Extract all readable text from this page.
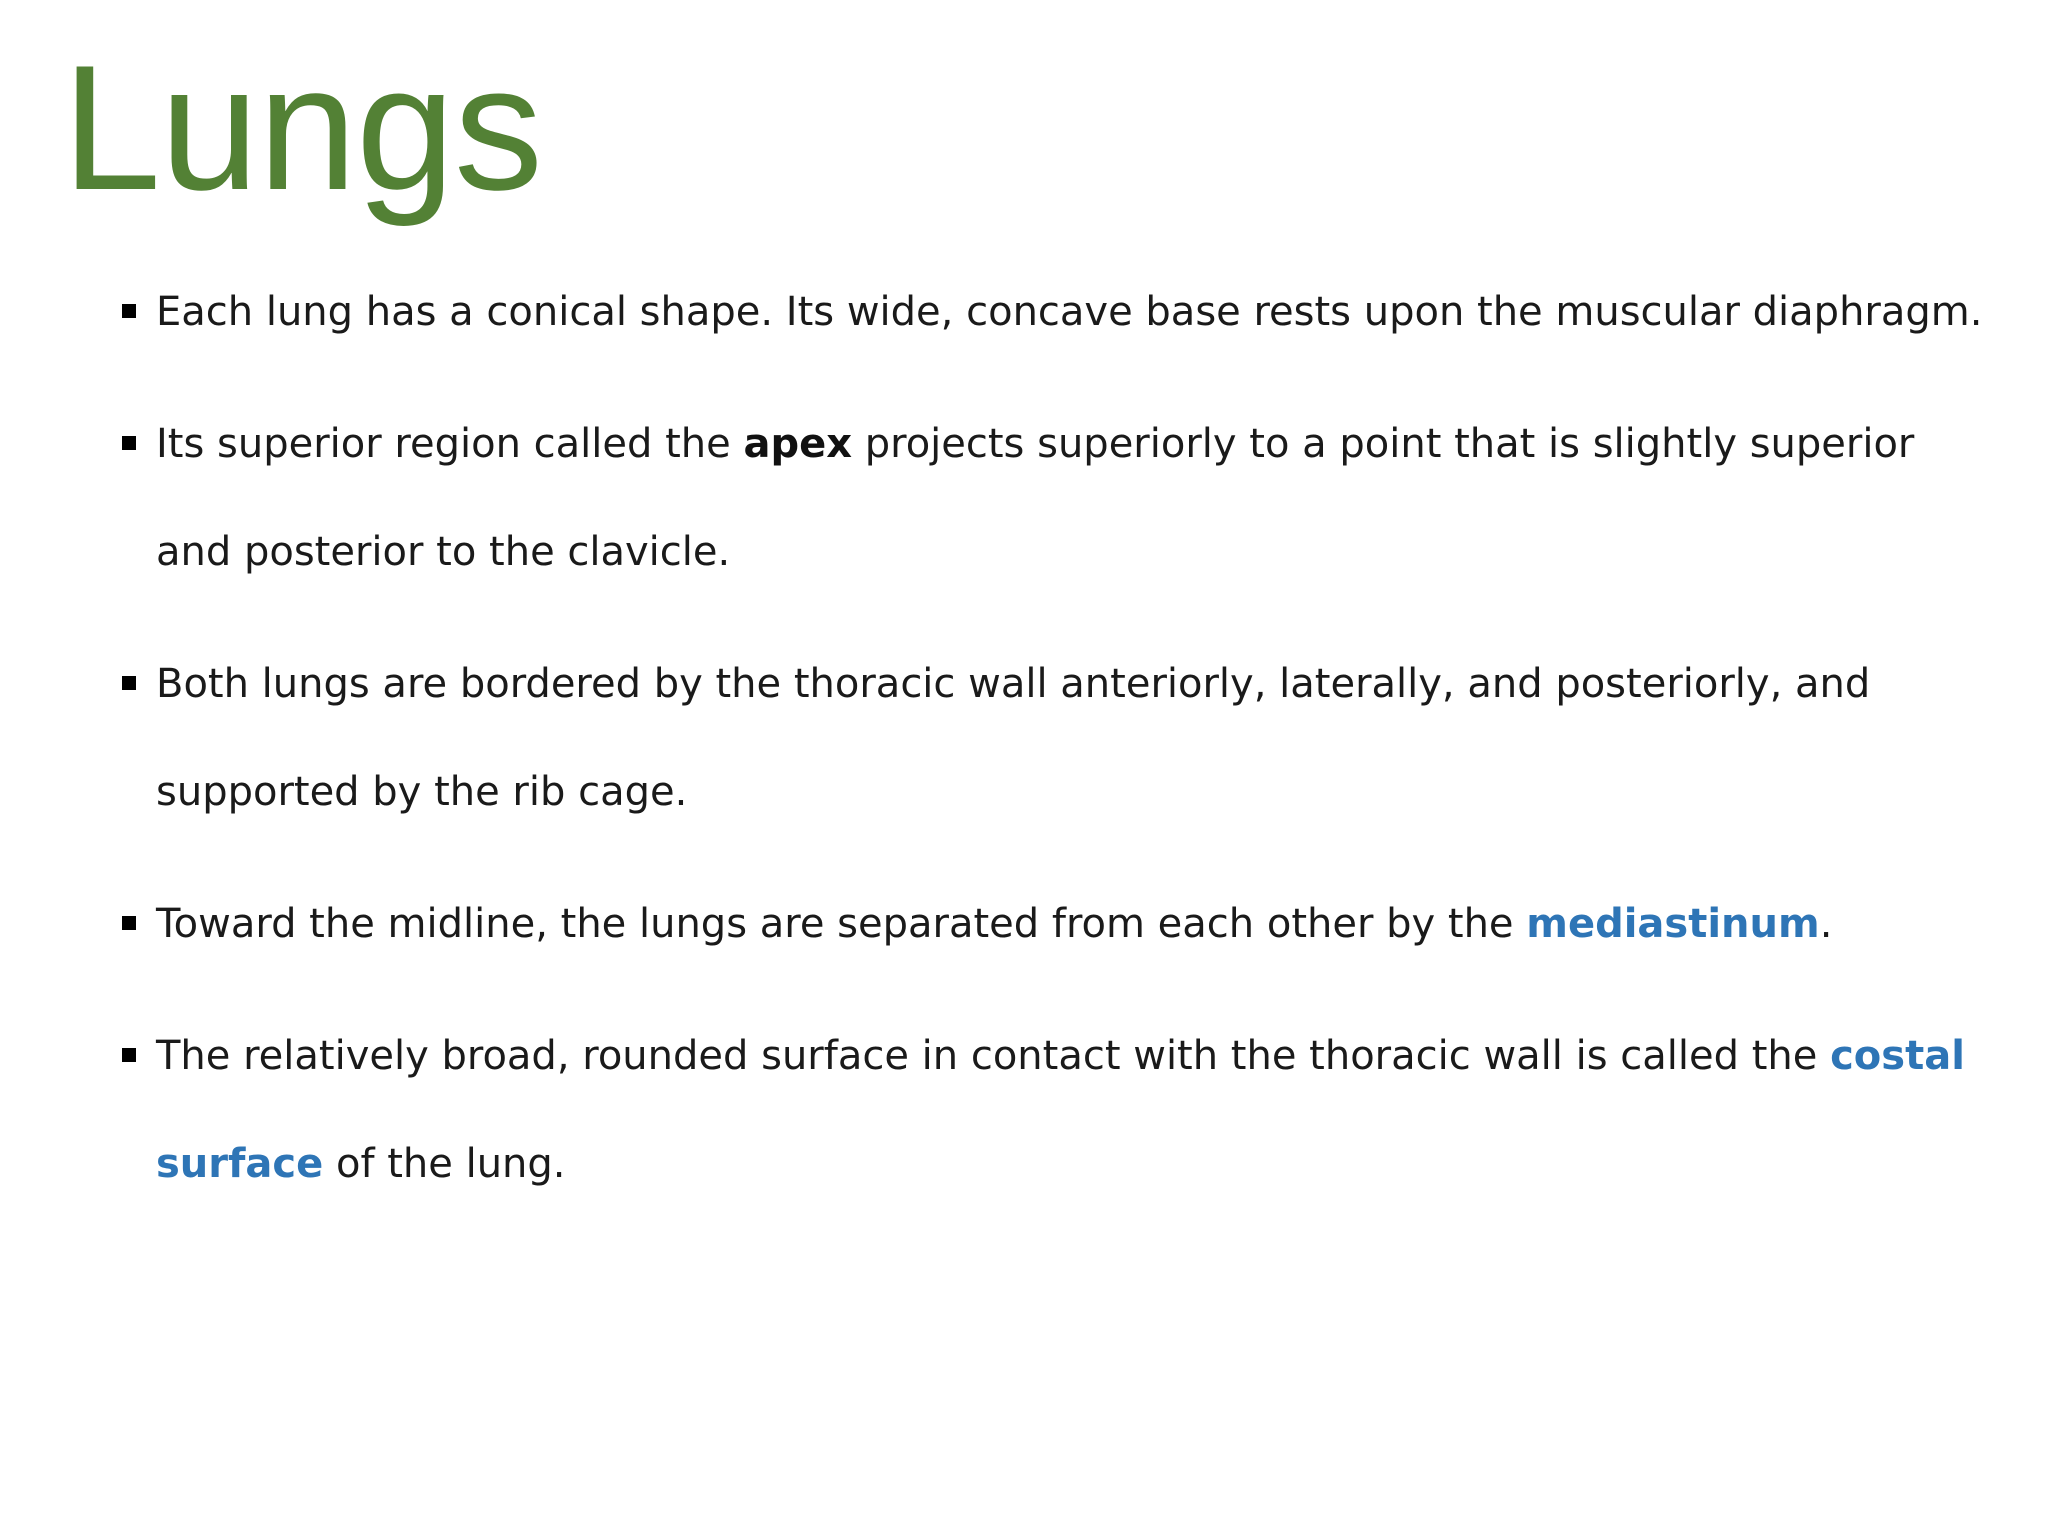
Lungs
Each lung has a conical shape. Its wide, concave base rests upon the muscular diaphragm.
Its superior region called the apex projects superiorly to a point that is slightly superior and posterior to the clavicle.
Both lungs are bordered by the thoracic wall anteriorly, laterally, and posteriorly, and supported by the rib cage.
Toward the midline, the lungs are separated from each other by the mediastinum.
The relatively broad, rounded surface in contact with the thoracic wall is called the costal surface of the lung.
